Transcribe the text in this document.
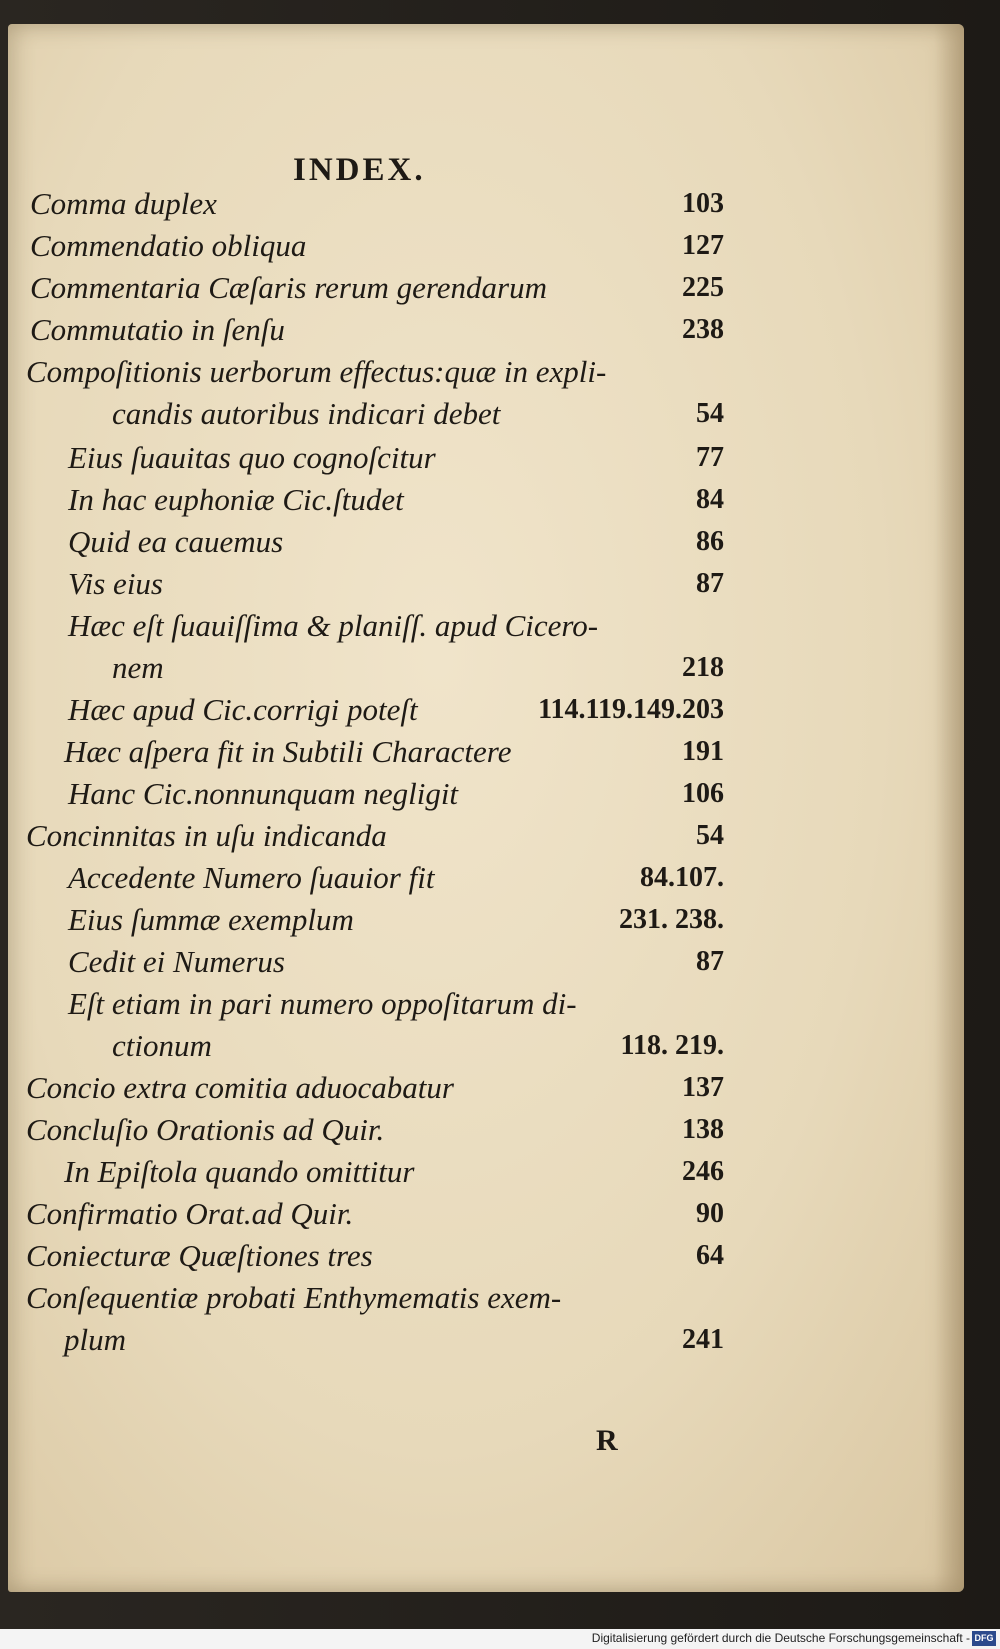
INDEX.
Comma duplex	103
Commendatio obliqua	127
Commentaria Cæſaris rerum gerendarum	225
Commutatio in ſenſu	238
Compoſitionis uerborum effectus:quæ in expli-
candis autoribus indicari debet	54
Eius ſuauitas quo cognoſcitur	77
In hac euphoniæ Cic.ſtudet	84
Quid ea cauemus	86
Vis eius	87
Hæc eſt ſuauiſſima & planiſſ. apud Cicero-
nem	218
Hæc apud Cic.corrigi poteſt	114.119.149.203
Hæc aſpera fit in Subtili Charactere	191
Hanc Cic.nonnunquam negligit	106
Concinnitas in uſu indicanda	54
Accedente Numero ſuauior fit	84.107.
Eius ſummæ exemplum	231. 238.
Cedit ei Numerus	87
Eſt etiam in pari numero oppoſitarum di-
ctionum	118. 219.
Concio extra comitia aduocabatur	137
Concluſio Orationis ad Quir.	138
In Epiſtola quando omittitur	246
Confirmatio Orat.ad Quir.	90
Coniecturæ Quæſtiones tres	64
Conſequentiæ probati Enthymematis exem-
plum	241
R
Digitalisierung gefördert durch die Deutsche Forschungsgemeinschaft - DFG
